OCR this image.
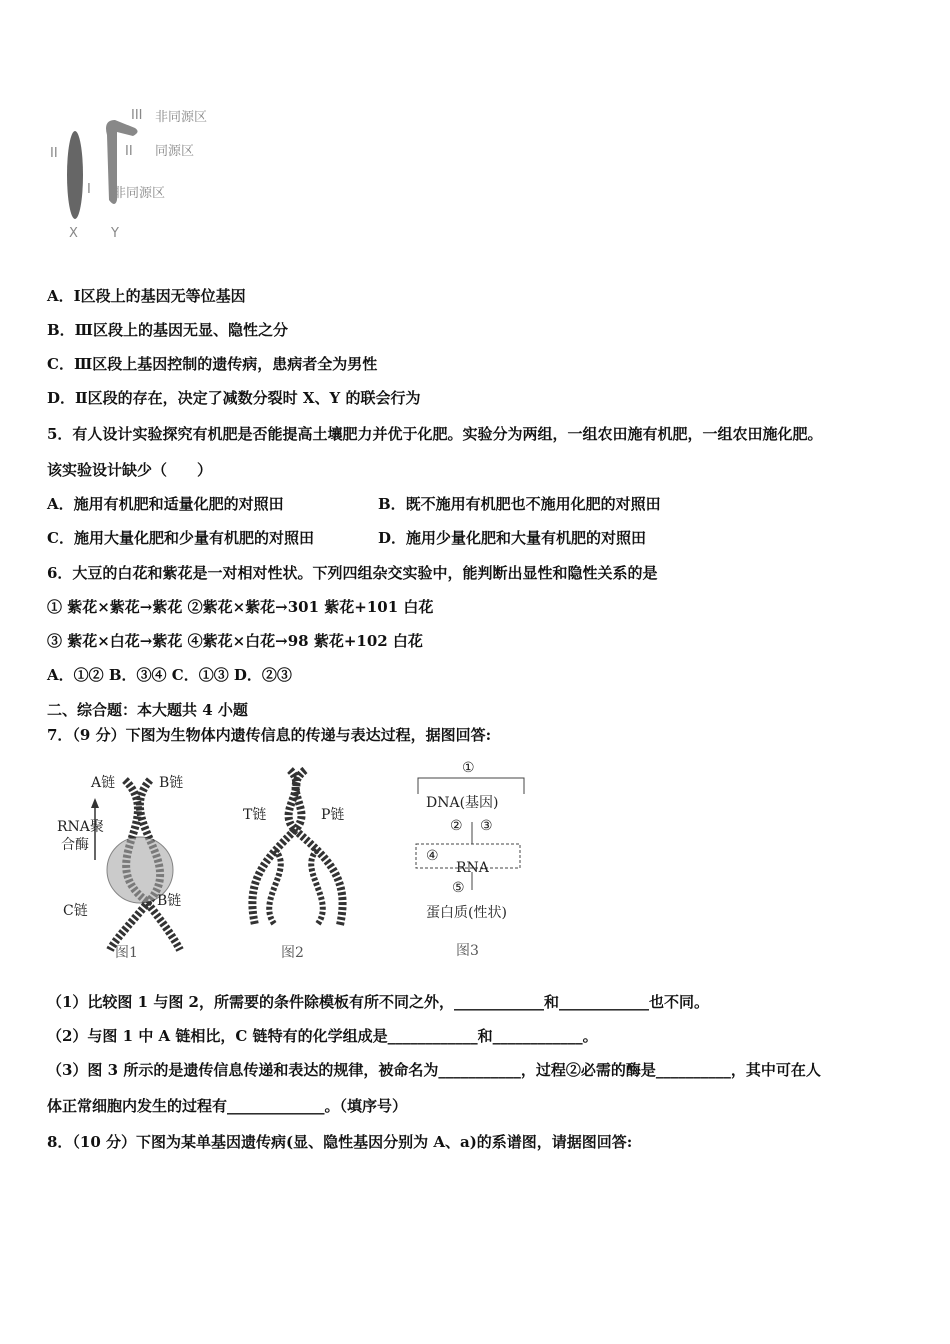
III 非同源区
II	II 同源区
I 非同源区
X	Y
A．Ⅰ区段上的基因无等位基因
B．Ⅲ区段上的基因无显、隐性之分
C．Ⅲ区段上基因控制的遗传病，患病者全为男性
D．Ⅱ区段的存在，决定了减数分裂时 X、Y 的联会行为
5．有人设计实验探究有机肥是否能提高土壤肥力并优于化肥。实验分为两组，一组农田施有机肥，一组农田施化肥。
该实验设计缺少（　　）
A．施用有机肥和适量化肥的对照田	B．既不施用有机肥也不施用化肥的对照田
C．施用大量化肥和少量有机肥的对照田	D．施用少量化肥和大量有机肥的对照田
6．大豆的白花和紫花是一对相对性状。下列四组杂交实验中，能判断出显性和隐性关系的是
① 紫花×紫花→紫花 ②紫花×紫花→301 紫花+101 白花
③ 紫花×白花→紫花 ④紫花×白花→98 紫花+102 白花
A．①② B．③④ C．①③ D．②③
二、综合题：本大题共 4 小题
7．（9 分）下图为生物体内遗传信息的传递与表达过程，据图回答:
A链	B链
RNA聚
合酶
C链
B链
图1
T链	P链
图2
①
DNA(基因)
② ③
④
RNA
⑤
蛋白质(性状)
图3
（1）比较图 1 与图 2，所需要的条件除模板有所不同之外，____________和____________也不同。
（2）与图 1 中 A 链相比，C 链特有的化学组成是____________和____________。
（3）图 3 所示的是遗传信息传递和表达的规律，被命名为___________，过程②必需的酶是__________，其中可在人
体正常细胞内发生的过程有_____________。（填序号）
8．（10 分）下图为某单基因遗传病(显、隐性基因分别为 A、a)的系谱图，请据图回答:
